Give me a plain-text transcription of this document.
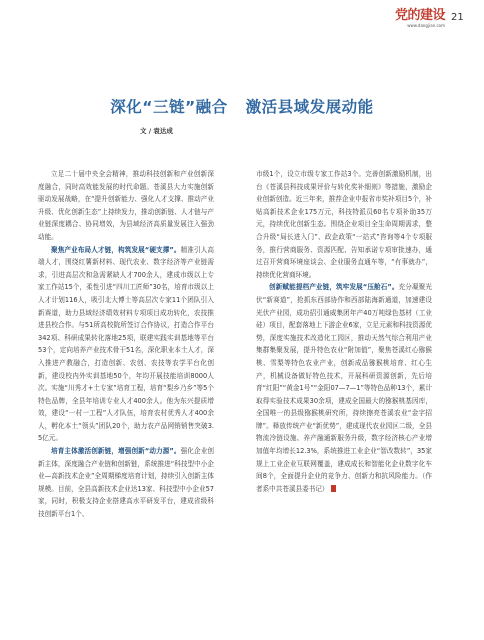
党的建设
www.dangjian.com
21
深化“三链”融合 激活县域发展动能
文 / 袁达成

立足二十届中央全会精神，推动科技创新和产业创新深度融合，同时高效能发展的时代命题。苍溪县大力实施创新驱动发展战略，在“提升创新能力、强化人才支撑、推动产业升级、优化创新生态”上持续发力，推动创新链、人才链与产业链深度耦合、协同增效，为县域经济高质量发展注入强劲动能。

聚焦产业布局人才链，构筑发展“硬支撑”。精准引人高端人才，围绕红薯新材料、现代农业、数字经济等产业链需求，引进高层次和急需紧缺人才700余人，建成市级以上专家工作站15个，柔性引进“四川工匠师”30名，培育市级以上人才计划116人，吸引北大博士等高层次专家11个团队引入新赛道，助力县域经济绩效材料专项项目成功转化，农技推进县校合作。与51所高校院所签订合作协议，打造合作平台342项、科研成果转化落地25项，联建实践实训基地等平台53个，定向培养产业技术骨干51名，深化职业本土人才，深入推进产教融合，打造创新、农创、农技等农学平台化创新，建设校内外实训基地50个，年均开展技能培训8000人次。实施“川秀才+土专家”培育工程，培育“梨乡乃乡”等5个特色品牌，全县年培训专业人才400余人。他为东兴提质增效，建设“一村一工程”人才队伍，培育农村优秀人才400余人，孵化本土“领头”团队20个，助力农产品网销销售突破3.5亿元。

培育主体激活创新链，增强创新“动力源”。强化企业创新主体，深度融合产业链和创新链，系统推进“科技型中小企业—高新技术企业”全周期梯度培育计划，持续引入创新主体规模。目前，全县高新技术企业达13家、科技型中小企业57家，同时，积极支持企业搭建高水平研发平台，建成省级科技创新平台1个、

市级1个，设立市级专家工作站3个。完善创新激励机制，出台《苍溪县科技成果评价与转化奖补细则》等措施，激励企业创新创造。近三年来，推荐企业申报省市奖补项目5个，补贴高新技术企业175万元，科技特派员60名专项补助35万元，持续优化创新生态。围绕企业项目全生命周期需求，整合升级“局长进入门”、政企政策“一站式”咨询等4个专项服务，推行营商服务、资源匹配、告知承诺专项审批速办，通过召开营商环境座谈会、企业服务直通车等，“有事就办”，持续优化营商环境。

创新赋能提档产业链，筑牢发展“压舱石”。充分凝聚光伏“新赛道”，抢抓东西部协作和西部陆海新通道，加速建设光伏产业园，成功招引通威集团年产40万吨绿色基材（工业硅）项目，配套落地上下游企业6家，立足元素和科技资源优势，深度实施技术改造化工园区，推动天然气综合利用产业集群集聚发展，提升特色农业“附加值”，聚焦苍溪红心猕猴桃、雪梨等特色农业产业，创新成品猕猴桃培育、红心生产，机械设备做好特色技术，开展科研资源创新，先后培育“红阳”“黄金1号”“金阳07—7—1”等特色品种13个，累计取得实验技术成果30余项，建成全国最大的猕猴桃基因库，全国唯一的县级猕猴桃研究所，持续擦亮苍溪农业“金字招牌”。释放传统产业“新优势”，建成现代农业园区二级，全县物流冷链设施、养产融通新服务升级，数字经济核心产业增加值年均增长12.3%，系统推进工业企业“智改数转”，35家规上工业企业互联网覆盖，建成成长和智能化企业数字化车间8个，全面提升企业的竞争力、创新力和抗风险能力。（作者系中共苍溪县委书记）
